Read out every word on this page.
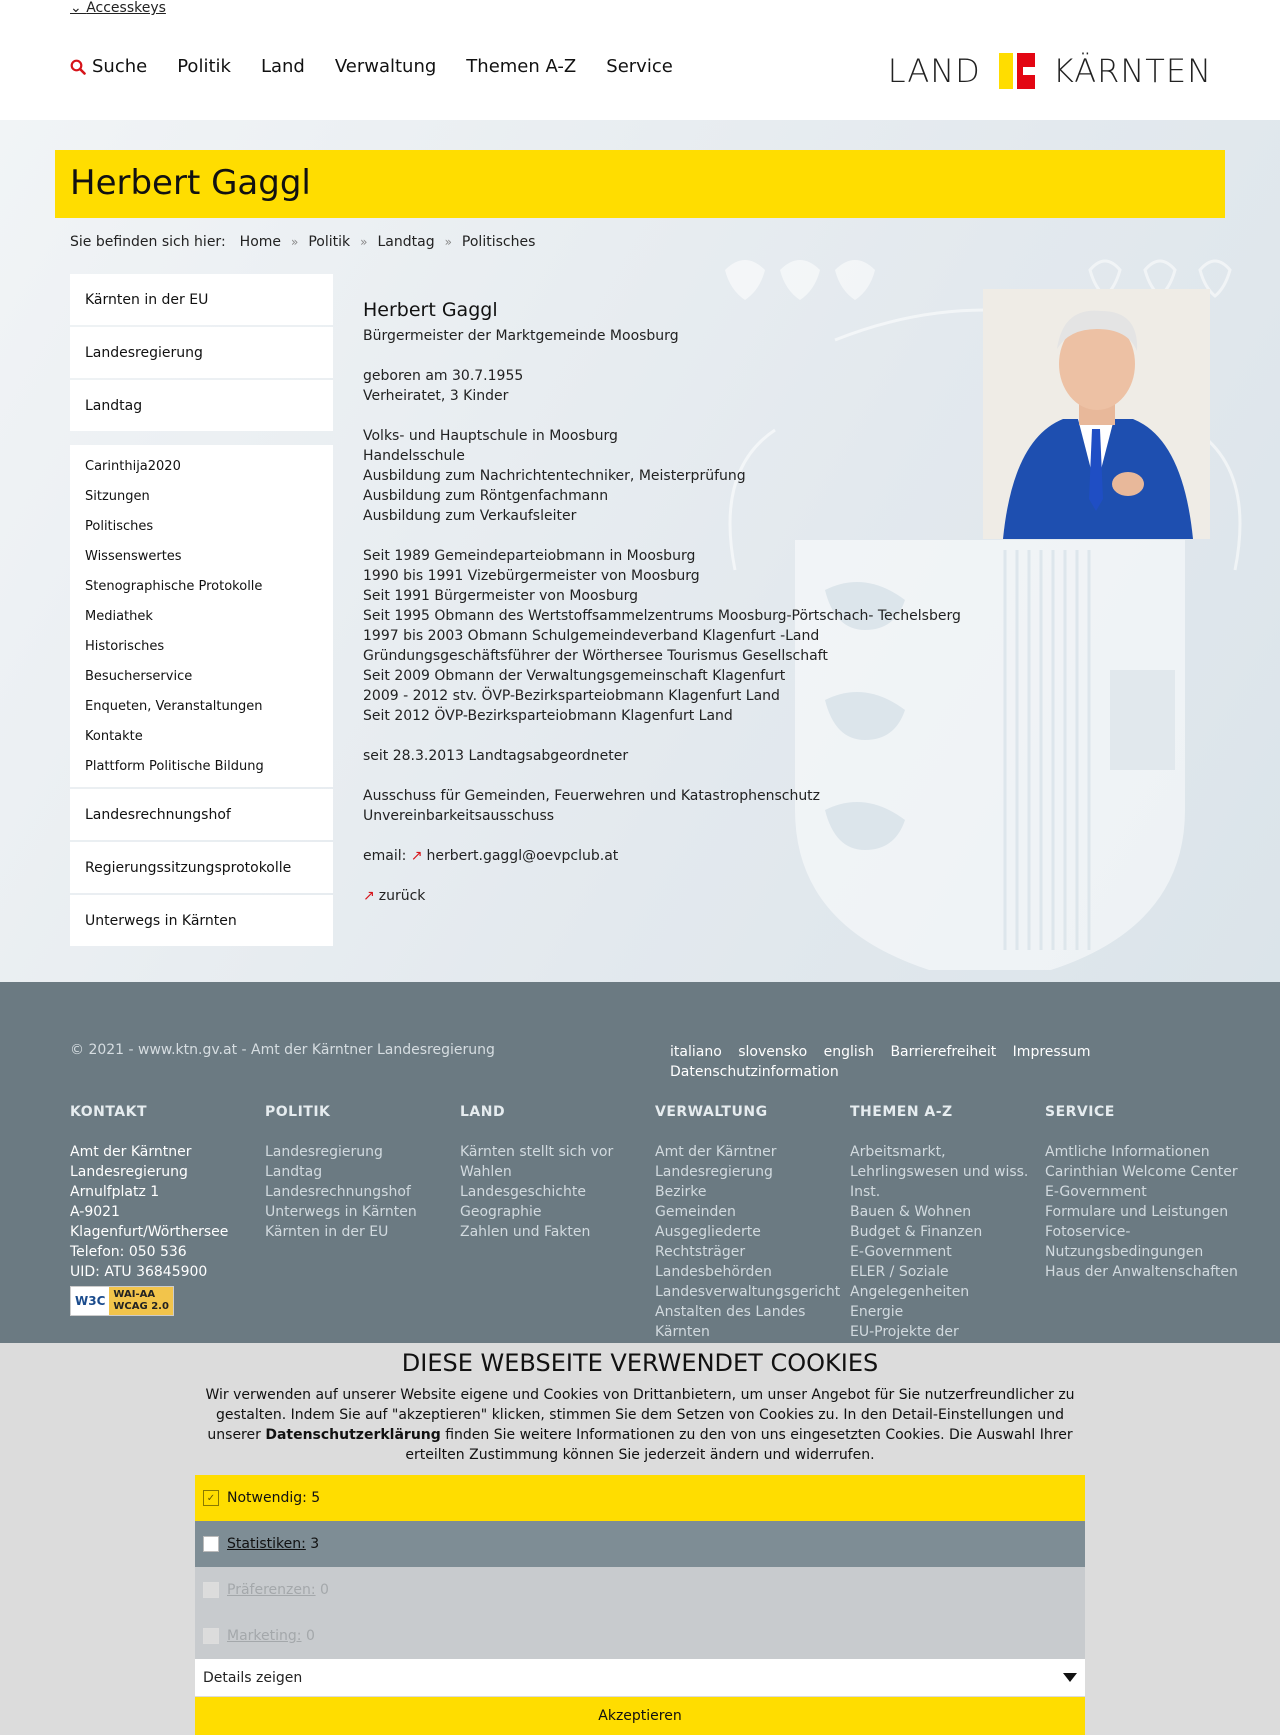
⌄ Accesskeys
Suche Politik Land Verwaltung Themen A-Z Service	LAND KÄRNTEN
Herbert Gaggl
Sie befinden sich hier: Home » Politik » Landtag » Politisches
Kärnten in der EU
Landesregierung
Landtag
Carinthija2020
Sitzungen
Politisches
Wissenswertes
Stenographische Protokolle
Mediathek
Historisches
Besucherservice
Enqueten, Veranstaltungen
Kontakte
Plattform Politische Bildung
Landesrechnungshof
Regierungssitzungsprotokolle
Unterwegs in Kärnten
Herbert Gaggl
Bürgermeister der Marktgemeinde Moosburg
geboren am 30.7.1955
Verheiratet, 3 Kinder
Volks- und Hauptschule in Moosburg
Handelsschule
Ausbildung zum Nachrichtentechniker, Meisterprüfung
Ausbildung zum Röntgenfachmann
Ausbildung zum Verkaufsleiter
Seit 1989 Gemeindeparteiobmann in Moosburg
1990 bis 1991 Vizebürgermeister von Moosburg
Seit 1991 Bürgermeister von Moosburg
Seit 1995 Obmann des Wertstoffsammelzentrums Moosburg-Pörtschach- Techelsberg
1997 bis 2003 Obmann Schulgemeindeverband Klagenfurt -Land
Gründungsgeschäftsführer der Wörthersee Tourismus Gesellschaft
Seit 2009 Obmann der Verwaltungsgemeinschaft Klagenfurt
2009 - 2012 stv. ÖVP-Bezirksparteiobmann Klagenfurt Land
Seit 2012 ÖVP-Bezirksparteiobmann Klagenfurt Land
seit 28.3.2013 Landtagsabgeordneter
Ausschuss für Gemeinden, Feuerwehren und Katastrophenschutz
Unvereinbarkeitsausschuss
email: ↗ herbert.gaggl@oevpclub.at
↗ zurück
© 2021 - www.ktn.gv.at - Amt der Kärntner Landesregierung	italiano slovensko english Barrierefreiheit Impressum Datenschutzinformation
KONTAKT
Amt der Kärntner Landesregierung
Arnulfplatz 1
A-9021 Klagenfurt/Wörthersee
Telefon: 050 536
UID: ATU 36845900
W3C WAI-AA
WCAG 2.0
POLITIK
Landesregierung
Landtag
Landesrechnungshof
Unterwegs in Kärnten
Kärnten in der EU
LAND
Kärnten stellt sich vor
Wahlen
Landesgeschichte
Geographie
Zahlen und Fakten
VERWALTUNG
Amt der Kärntner Landesregierung
Bezirke
Gemeinden
Ausgegliederte Rechtsträger
Landesbehörden
Landesverwaltungsgericht
Anstalten des Landes Kärnten
THEMEN A-Z
Arbeitsmarkt, Lehrlingswesen und wiss. Inst.
Bauen & Wohnen
Budget & Finanzen
E-Government
ELER / Soziale Angelegenheiten
Energie
EU-Projekte der
SERVICE
Amtliche Informationen
Carinthian Welcome Center
E-Government
Formulare und Leistungen
Fotoservice-Nutzungsbedingungen
Haus der Anwaltenschaften
DIESE WEBSEITE VERWENDET COOKIES

Wir verwenden auf unserer Website eigene und Cookies von Drittanbietern, um unser Angebot für Sie nutzerfreundlicher zu gestalten. Indem Sie auf "akzeptieren" klicken, stimmen Sie dem Setzen von Cookies zu. In den Detail-Einstellungen und unserer Datenschutzerklärung finden Sie weitere Informationen zu den von uns eingesetzten Cookies. Die Auswahl Ihrer erteilten Zustimmung können Sie jederzeit ändern und widerrufen.

✓ Notwendig:
5
Statistiken:
3
Präferenzen:
0
Marketing:
0
Details zeigen
Akzeptieren
